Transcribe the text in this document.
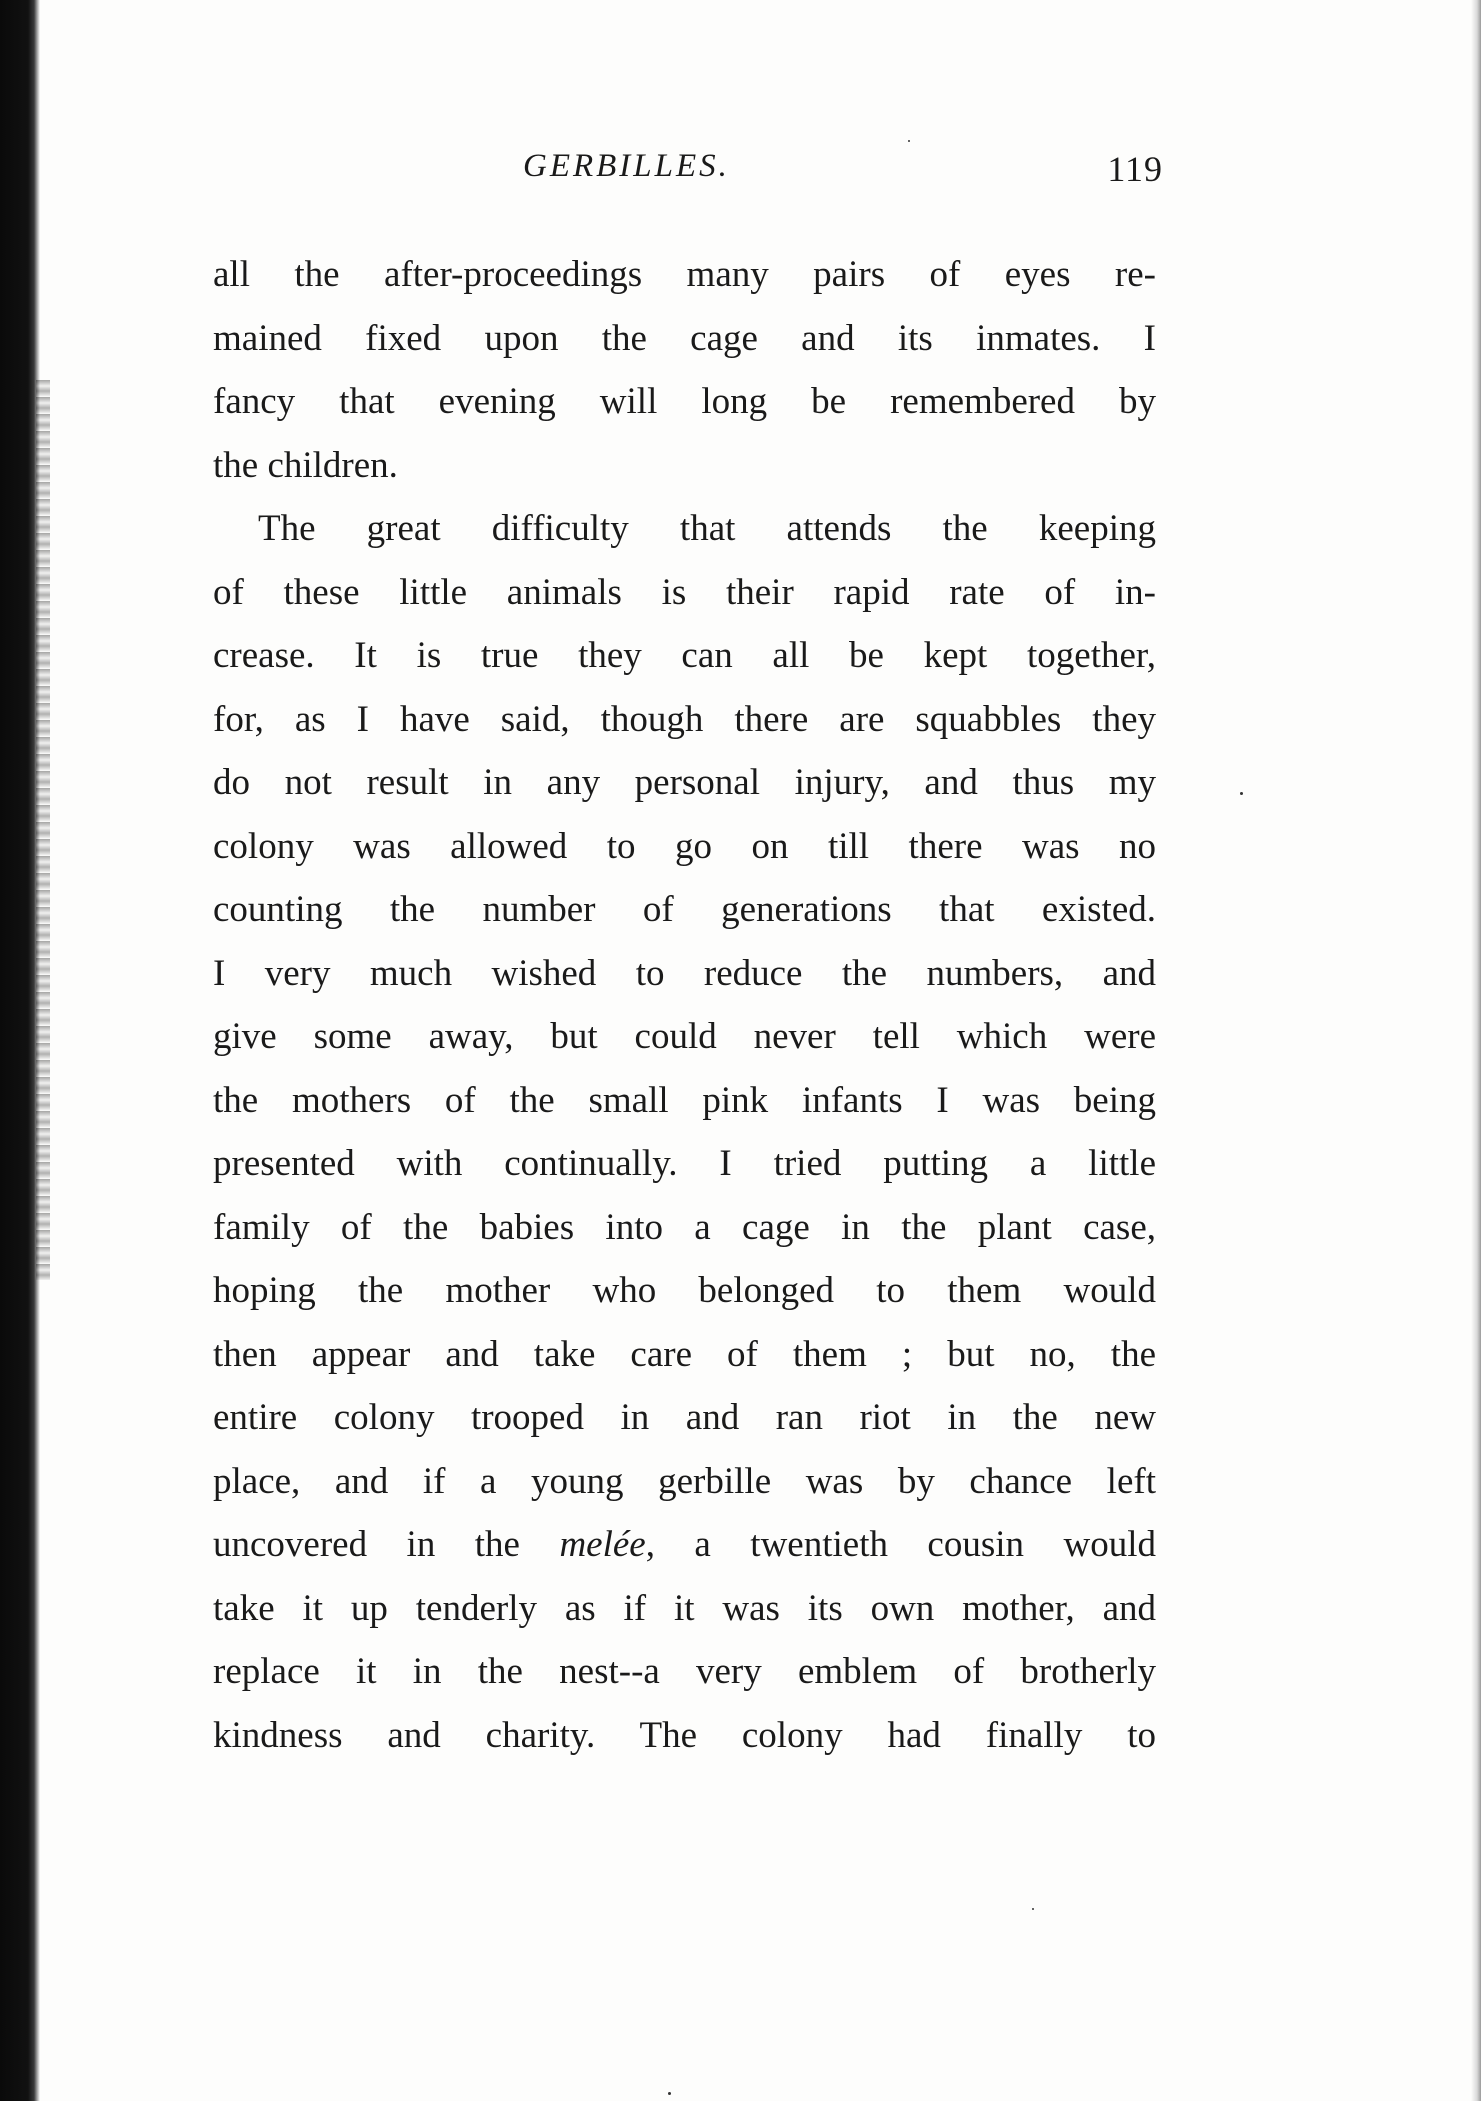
GERBILLES.	119
all the after-proceedings many pairs of eyes re-
mained fixed upon the cage and its inmates. I
fancy that evening will long be remembered by
the children.
The great difficulty that attends the keeping
of these little animals is their rapid rate of in-
crease. It is true they can all be kept together,
for, as I have said, though there are squabbles they
do not result in any personal injury, and thus my
colony was allowed to go on till there was no
counting the number of generations that existed.
I very much wished to reduce the numbers, and
give some away, but could never tell which were
the mothers of the small pink infants I was being
presented with continually. I tried putting a little
family of the babies into a cage in the plant case,
hoping the mother who belonged to them would
then appear and take care of them ; but no, the
entire colony trooped in and ran riot in the new
place, and if a young gerbille was by chance left
uncovered in the melée, a twentieth cousin would
take it up tenderly as if it was its own mother, and
replace it in the nest--a very emblem of brotherly
kindness and charity. The colony had finally to
